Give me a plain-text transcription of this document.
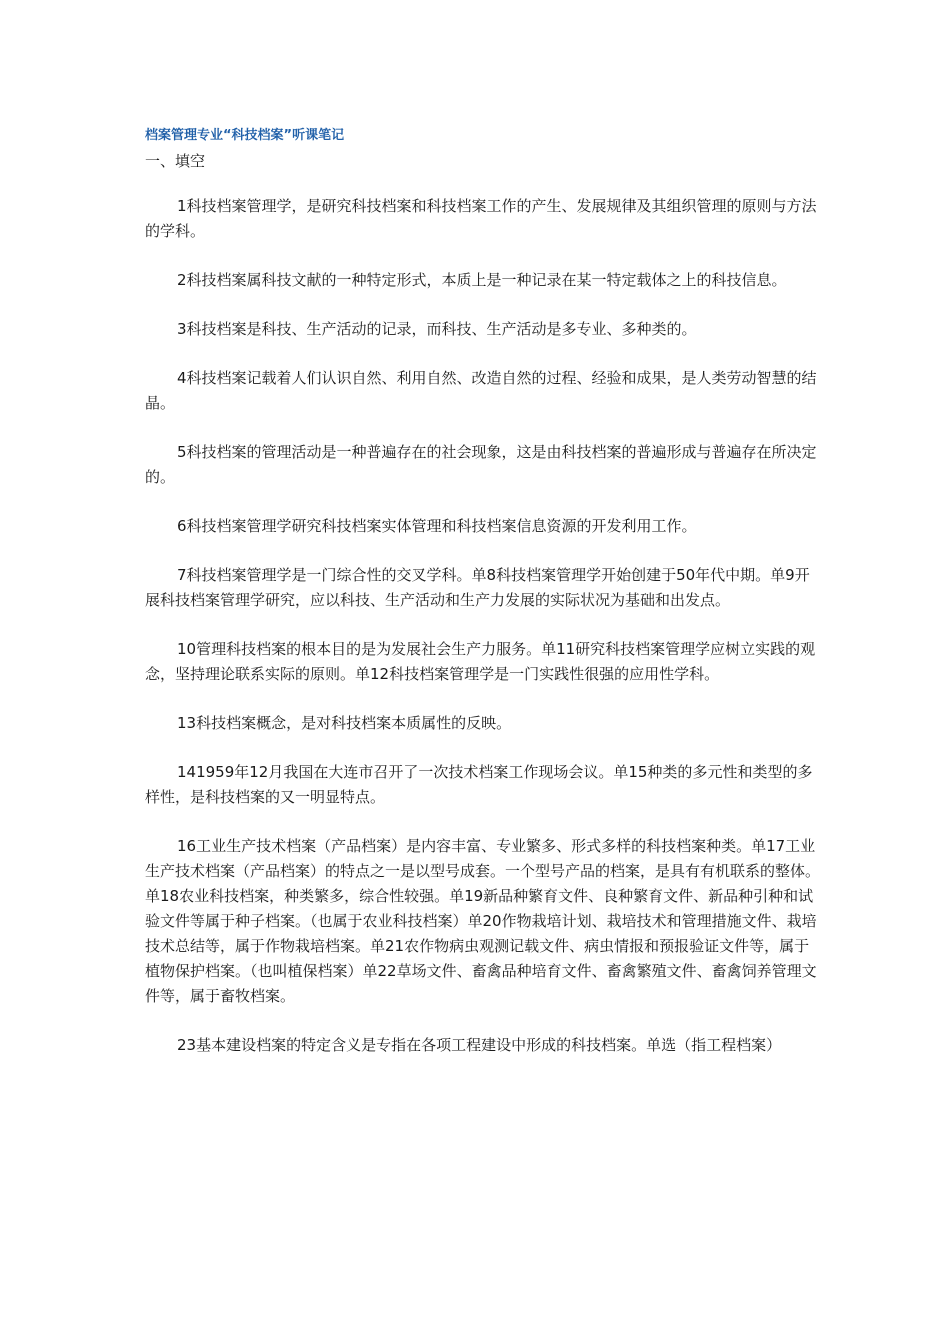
档案管理专业“科技档案”听课笔记

一、填空

1科技档案管理学，是研究科技档案和科技档案工作的产生、发展规律及其组织管理的原则与方法的学科。

2科技档案属科技文献的一种特定形式，本质上是一种记录在某一特定载体之上的科技信息。

3科技档案是科技、生产活动的记录，而科技、生产活动是多专业、多种类的。

4科技档案记载着人们认识自然、利用自然、改造自然的过程、经验和成果，是人类劳动智慧的结晶。

5科技档案的管理活动是一种普遍存在的社会现象，这是由科技档案的普遍形成与普遍存在所决定的。

6科技档案管理学研究科技档案实体管理和科技档案信息资源的开发利用工作。

7科技档案管理学是一门综合性的交叉学科。单8科技档案管理学开始创建于50年代中期。单9开展科技档案管理学研究，应以科技、生产活动和生产力发展的实际状况为基础和出发点。

10管理科技档案的根本目的是为发展社会生产力服务。单11研究科技档案管理学应树立实践的观念，坚持理论联系实际的原则。单12科技档案管理学是一门实践性很强的应用性学科。

13科技档案概念，是对科技档案本质属性的反映。

141959年12月我国在大连市召开了一次技术档案工作现场会议。单15种类的多元性和类型的多样性，是科技档案的又一明显特点。

16工业生产技术档案（产品档案）是内容丰富、专业繁多、形式多样的科技档案种类。单17工业生产技术档案（产品档案）的特点之一是以型号成套。一个型号产品的档案，是具有有机联系的整体。单18农业科技档案，种类繁多，综合性较强。单19新品种繁育文件、良种繁育文件、新品种引种和试验文件等属于种子档案。（也属于农业科技档案）单20作物栽培计划、栽培技术和管理措施文件、栽培技术总结等，属于作物栽培档案。单21农作物病虫观测记载文件、病虫情报和预报验证文件等，属于植物保护档案。（也叫植保档案）单22草场文件、畜禽品种培育文件、畜禽繁殖文件、畜禽饲养管理文件等，属于畜牧档案。

23基本建设档案的特定含义是专指在各项工程建设中形成的科技档案。单选（指工程档案）
